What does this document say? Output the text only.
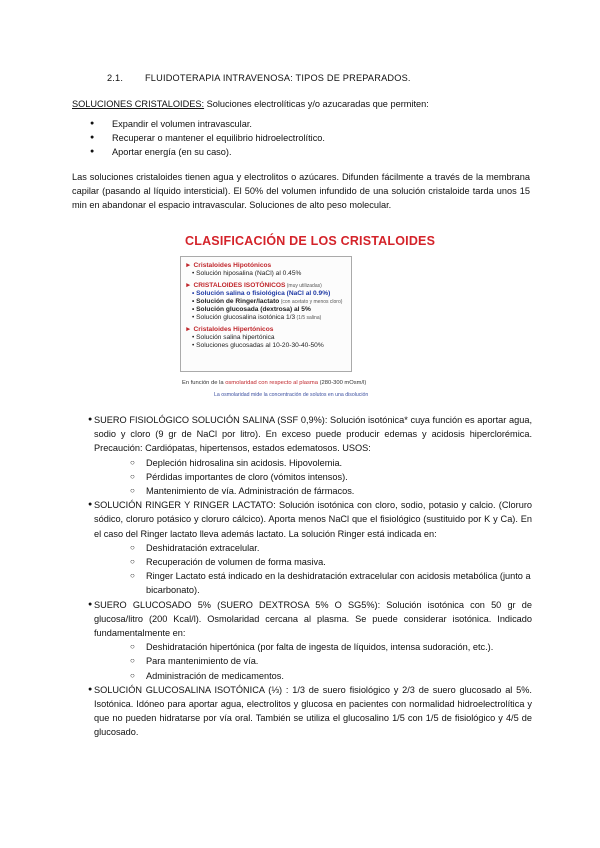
2.1. FLUIDOTERAPIA INTRAVENOSA: TIPOS DE PREPARADOS.
SOLUCIONES CRISTALOIDES: Soluciones electrolíticas y/o azucaradas que permiten:
● Expandir el volumen intravascular.
● Recuperar o mantener el equilibrio hidroelectrolítico.
● Aportar energía (en su caso).
Las soluciones cristaloides tienen agua y electrolitos o azúcares. Difunden fácilmente a través de la membrana capilar (pasando al líquido intersticial). El 50% del volumen infundido de una solución cristaloide tarda unos 15 min en abandonar el espacio intravascular. Soluciones de alto peso molecular.
CLASIFICACIÓN DE LOS CRISTALOIDES
► Cristaloides Hipotónicos
• Solución hiposalina (NaCl) al 0.45%
► CRISTALOIDES ISOTÓNICOS (muy utilizadas)
• Solución salina o fisiológica (NaCl al 0.9%)
• Solución de Ringer/lactato (con acetato y menos cloro)
• Solución glucosada (dextrosa) al 5%
• Solución glucosalina isotónica 1/3 (1/5 salina)
► Cristaloides Hipertónicos
• Solución salina hipertónica
• Soluciones glucosadas al 10-20-30-40-50%
En función de la osmolaridad con respecto al plasma (280-300 mOsm/l)
La osmolaridad mide la concentración de solutos en una disolución
● SUERO FISIOLÓGICO SOLUCIÓN SALINA (SSF 0,9%): Solución isotónica* cuya función es aportar agua, sodio y cloro (9 gr de NaCl por litro). En exceso puede producir edemas y acidosis hiperclorémica. Precaución: Cardiópatas, hipertensos, estados edematosos. USOS:
○ Depleción hidrosalina sin acidosis. Hipovolemia.
○ Pérdidas importantes de cloro (vómitos intensos).
○ Mantenimiento de vía. Administración de fármacos.
● SOLUCIÓN RINGER Y RINGER LACTATO: Solución isotónica con cloro, sodio, potasio y calcio. (Cloruro sódico, cloruro potásico y cloruro cálcico). Aporta menos NaCl que el fisiológico (sustituido por K y Ca). En el caso del Ringer lactato lleva además lactato. La solución Ringer está indicada en:
○ Deshidratación extracelular.
○ Recuperación de volumen de forma masiva.
○ Ringer Lactato está indicado en la deshidratación extracelular con acidosis metabólica (junto a bicarbonato).
● SUERO GLUCOSADO 5% (SUERO DEXTROSA 5% O SG5%): Solución isotónica con 50 gr de glucosa/litro (200 Kcal/l). Osmolaridad cercana al plasma. Se puede considerar isotónica. Indicado fundamentalmente en:
○ Deshidratación hipertónica (por falta de ingesta de líquidos, intensa sudoración, etc.).
○ Para mantenimiento de vía.
○ Administración de medicamentos.
● SOLUCIÓN GLUCOSALINA ISOTÓNICA (⅓) : 1/3 de suero fisiológico y 2/3 de suero glucosado al 5%. Isotónica. Idóneo para aportar agua, electrolitos y glucosa en pacientes con normalidad hidroelectrolítica y que no pueden hidratarse por vía oral. También se utiliza el glucosalino 1/5 con 1/5 de fisiológico y 4/5 de glucosado.
